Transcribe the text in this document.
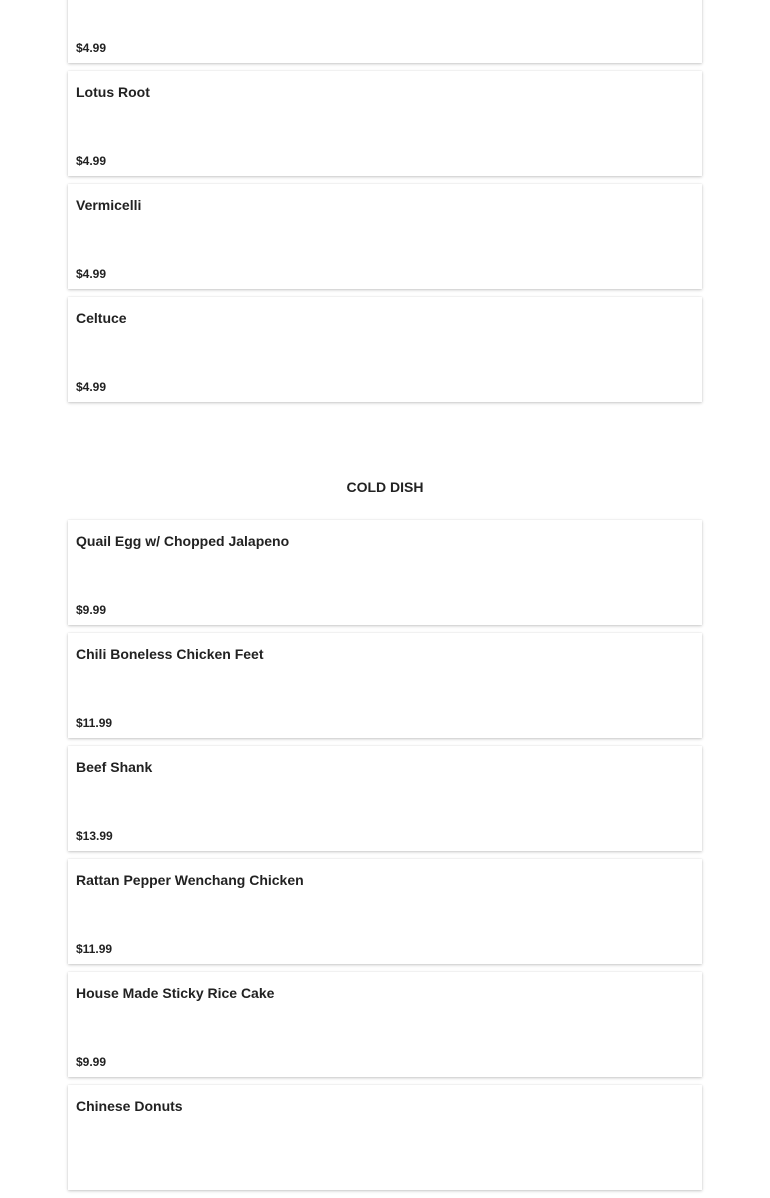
$4.99
Lotus Root
$4.99
Vermicelli
$4.99
Celtuce
$4.99
COLD DISH
Quail Egg w/ Chopped Jalapeno
$9.99
Chili Boneless Chicken Feet
$11.99
Beef Shank
$13.99
Rattan Pepper Wenchang Chicken
$11.99
House Made Sticky Rice Cake
$9.99
Chinese Donuts
